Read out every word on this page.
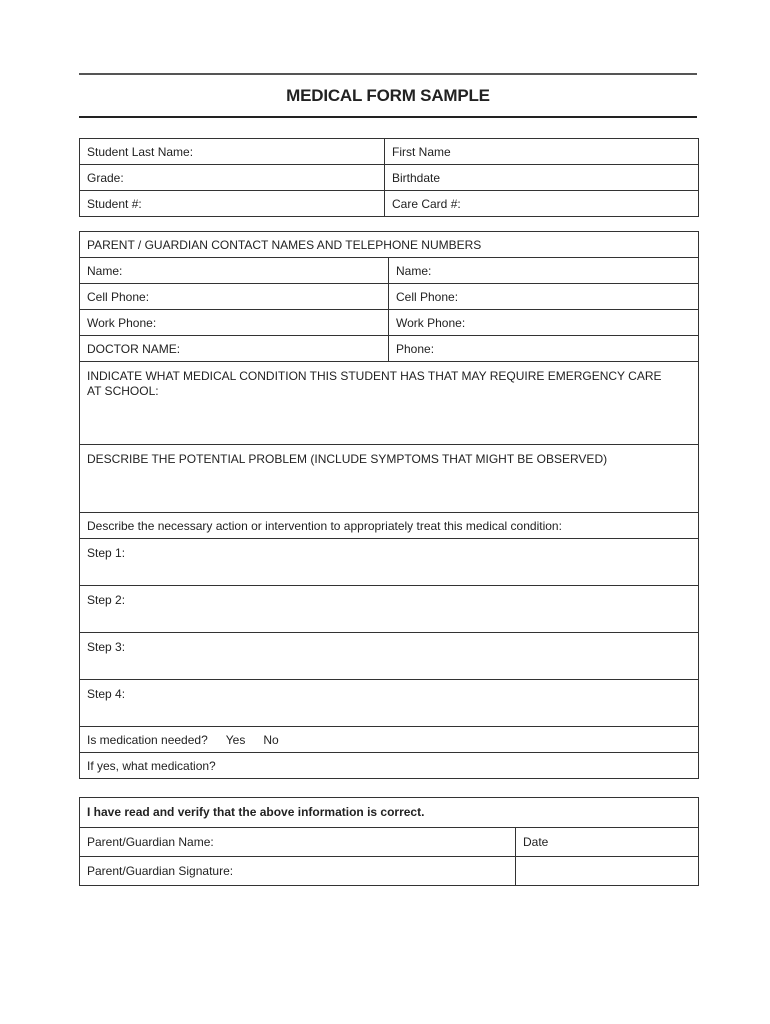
MEDICAL FORM SAMPLE
Student Last Name:	First Name
Grade:	Birthdate
Student #:	Care Card #:
PARENT / GUARDIAN CONTACT NAMES AND TELEPHONE NUMBERS	
Name:	Name:
Cell Phone:	Cell Phone:
Work Phone:	Work Phone:
DOCTOR NAME:	Phone:
INDICATE WHAT MEDICAL CONDITION THIS STUDENT HAS THAT MAY REQUIRE EMERGENCY CARE AT SCHOOL:	
DESCRIBE THE POTENTIAL PROBLEM (INCLUDE SYMPTOMS THAT MIGHT BE OBSERVED)	
Describe the necessary action or intervention to appropriately treat this medical condition:	
Step 1:	
Step 2:	
Step 3:	
Step 4:	
Is medication needed? Yes No	
If yes, what medication?	
I have read and verify that the above information is correct.	
Parent/Guardian Name:	Date
Parent/Guardian Signature:	
